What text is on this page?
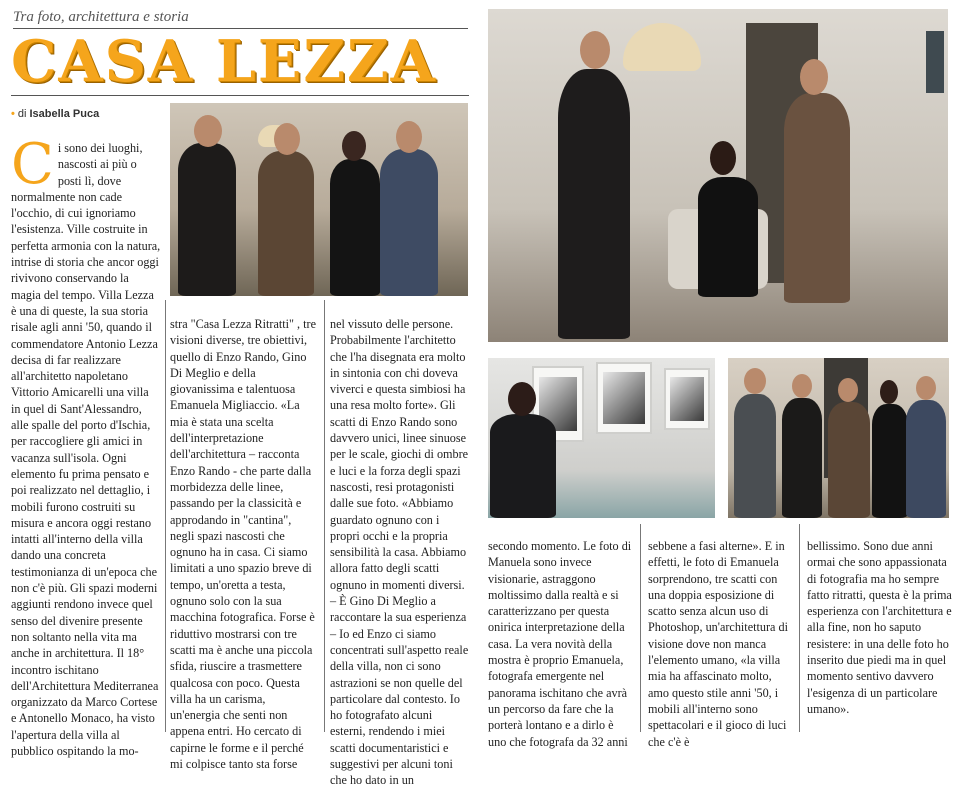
Tra foto, architettura e storia
CASA LEZZA
• di Isabella Puca
Ci sono dei luoghi, nascosti ai più o posti lì, dove normalmente non cade l'occhio, di cui ignoriamo l'esistenza. Ville costruite in perfetta armonia con la natura, intrise di storia che ancor oggi rivivono conservando la magia del tempo. Villa Lezza è una di queste, la sua storia risale agli anni '50, quando il commendatore Antonio Lezza decisa di far realizzare all'architetto napoletano Vittorio Amicarelli una villa in quel di Sant'Alessandro, alle spalle del porto d'Ischia, per raccogliere gli amici in vacanza sull'isola. Ogni elemento fu prima pensato e poi realizzato nel dettaglio, i mobili furono costruiti su misura e ancora oggi restano intatti all'interno della villa dando una concreta testimonianza di un'epoca che non c'è più. Gli spazi moderni aggiunti rendono invece quel senso del divenire presente non soltanto nella vita ma anche in architettura. Il 18° incontro ischitano dell'Architettura Mediterranea organizzato da Marco Cortese e Antonello Monaco, ha visto l'apertura della villa al pubblico ospitando la mo-
stra "Casa Lezza Ritratti" , tre visioni diverse, tre obiettivi, quello di Enzo Rando, Gino Di Meglio e della giovanissima e talentuosa Emanuela Migliaccio. «La mia è stata una scelta dell'interpretazione dell'architettura – racconta Enzo Rando - che parte dalla morbidezza delle linee, passando per la classicità e approdando in "cantina", negli spazi nascosti che ognuno ha in casa. Ci siamo limitati a uno spazio breve di tempo, un'oretta a testa, ognuno solo con la sua macchina fotografica. Forse è riduttivo mostrarsi con tre scatti ma è anche una piccola sfida, riuscire a trasmettere qualcosa con poco. Questa villa ha un carisma, un'energia che senti non appena entri. Ho cercato di capirne le forme e il perché mi colpisce tanto sta forse
nel vissuto delle persone. Probabilmente l'architetto che l'ha disegnata era molto in sintonia con chi doveva viverci e questa simbiosi ha una resa molto forte». Gli scatti di Enzo Rando sono davvero unici, linee sinuose per le scale, giochi di ombre e luci e la forza degli spazi nascosti, resi protagonisti dalle sue foto. «Abbiamo guardato ognuno con i propri occhi e la propria sensibilità la casa. Abbiamo allora fatto degli scatti ognuno in momenti diversi. – È Gino Di Meglio a raccontare la sua esperienza – Io ed Enzo ci siamo concentrati sull'aspetto reale della villa, non ci sono astrazioni se non quelle del particolare dal contesto. Io ho fotografato alcuni esterni, rendendo i miei scatti documentaristici e suggestivi per alcuni toni che ho dato in un
secondo momento. Le foto di Manuela sono invece visionarie, astraggono moltissimo dalla realtà e si caratterizzano per questa onirica interpretazione della casa. La vera novità della mostra è proprio Emanuela, fotografa emergente nel panorama ischitano che avrà un percorso da fare che la porterà lontano e a dirlo è uno che fotografa da 32 anni
sebbene a fasi alterne». E in effetti, le foto di Emanuela sorprendono, tre scatti con una doppia esposizione di scatto senza alcun uso di Photoshop, un'architettura di visione dove non manca l'elemento umano, «la villa mia ha affascinato molto, amo questo stile anni '50, i mobili all'interno sono spettacolari e il gioco di luci che c'è è
bellissimo. Sono due anni ormai che sono appassionata di fotografia ma ho sempre fatto ritratti, questa è la prima esperienza con l'architettura e alla fine, non ho saputo resistere: in una delle foto ho inserito due piedi ma in quel momento sentivo davvero l'esigenza di un particolare umano».
